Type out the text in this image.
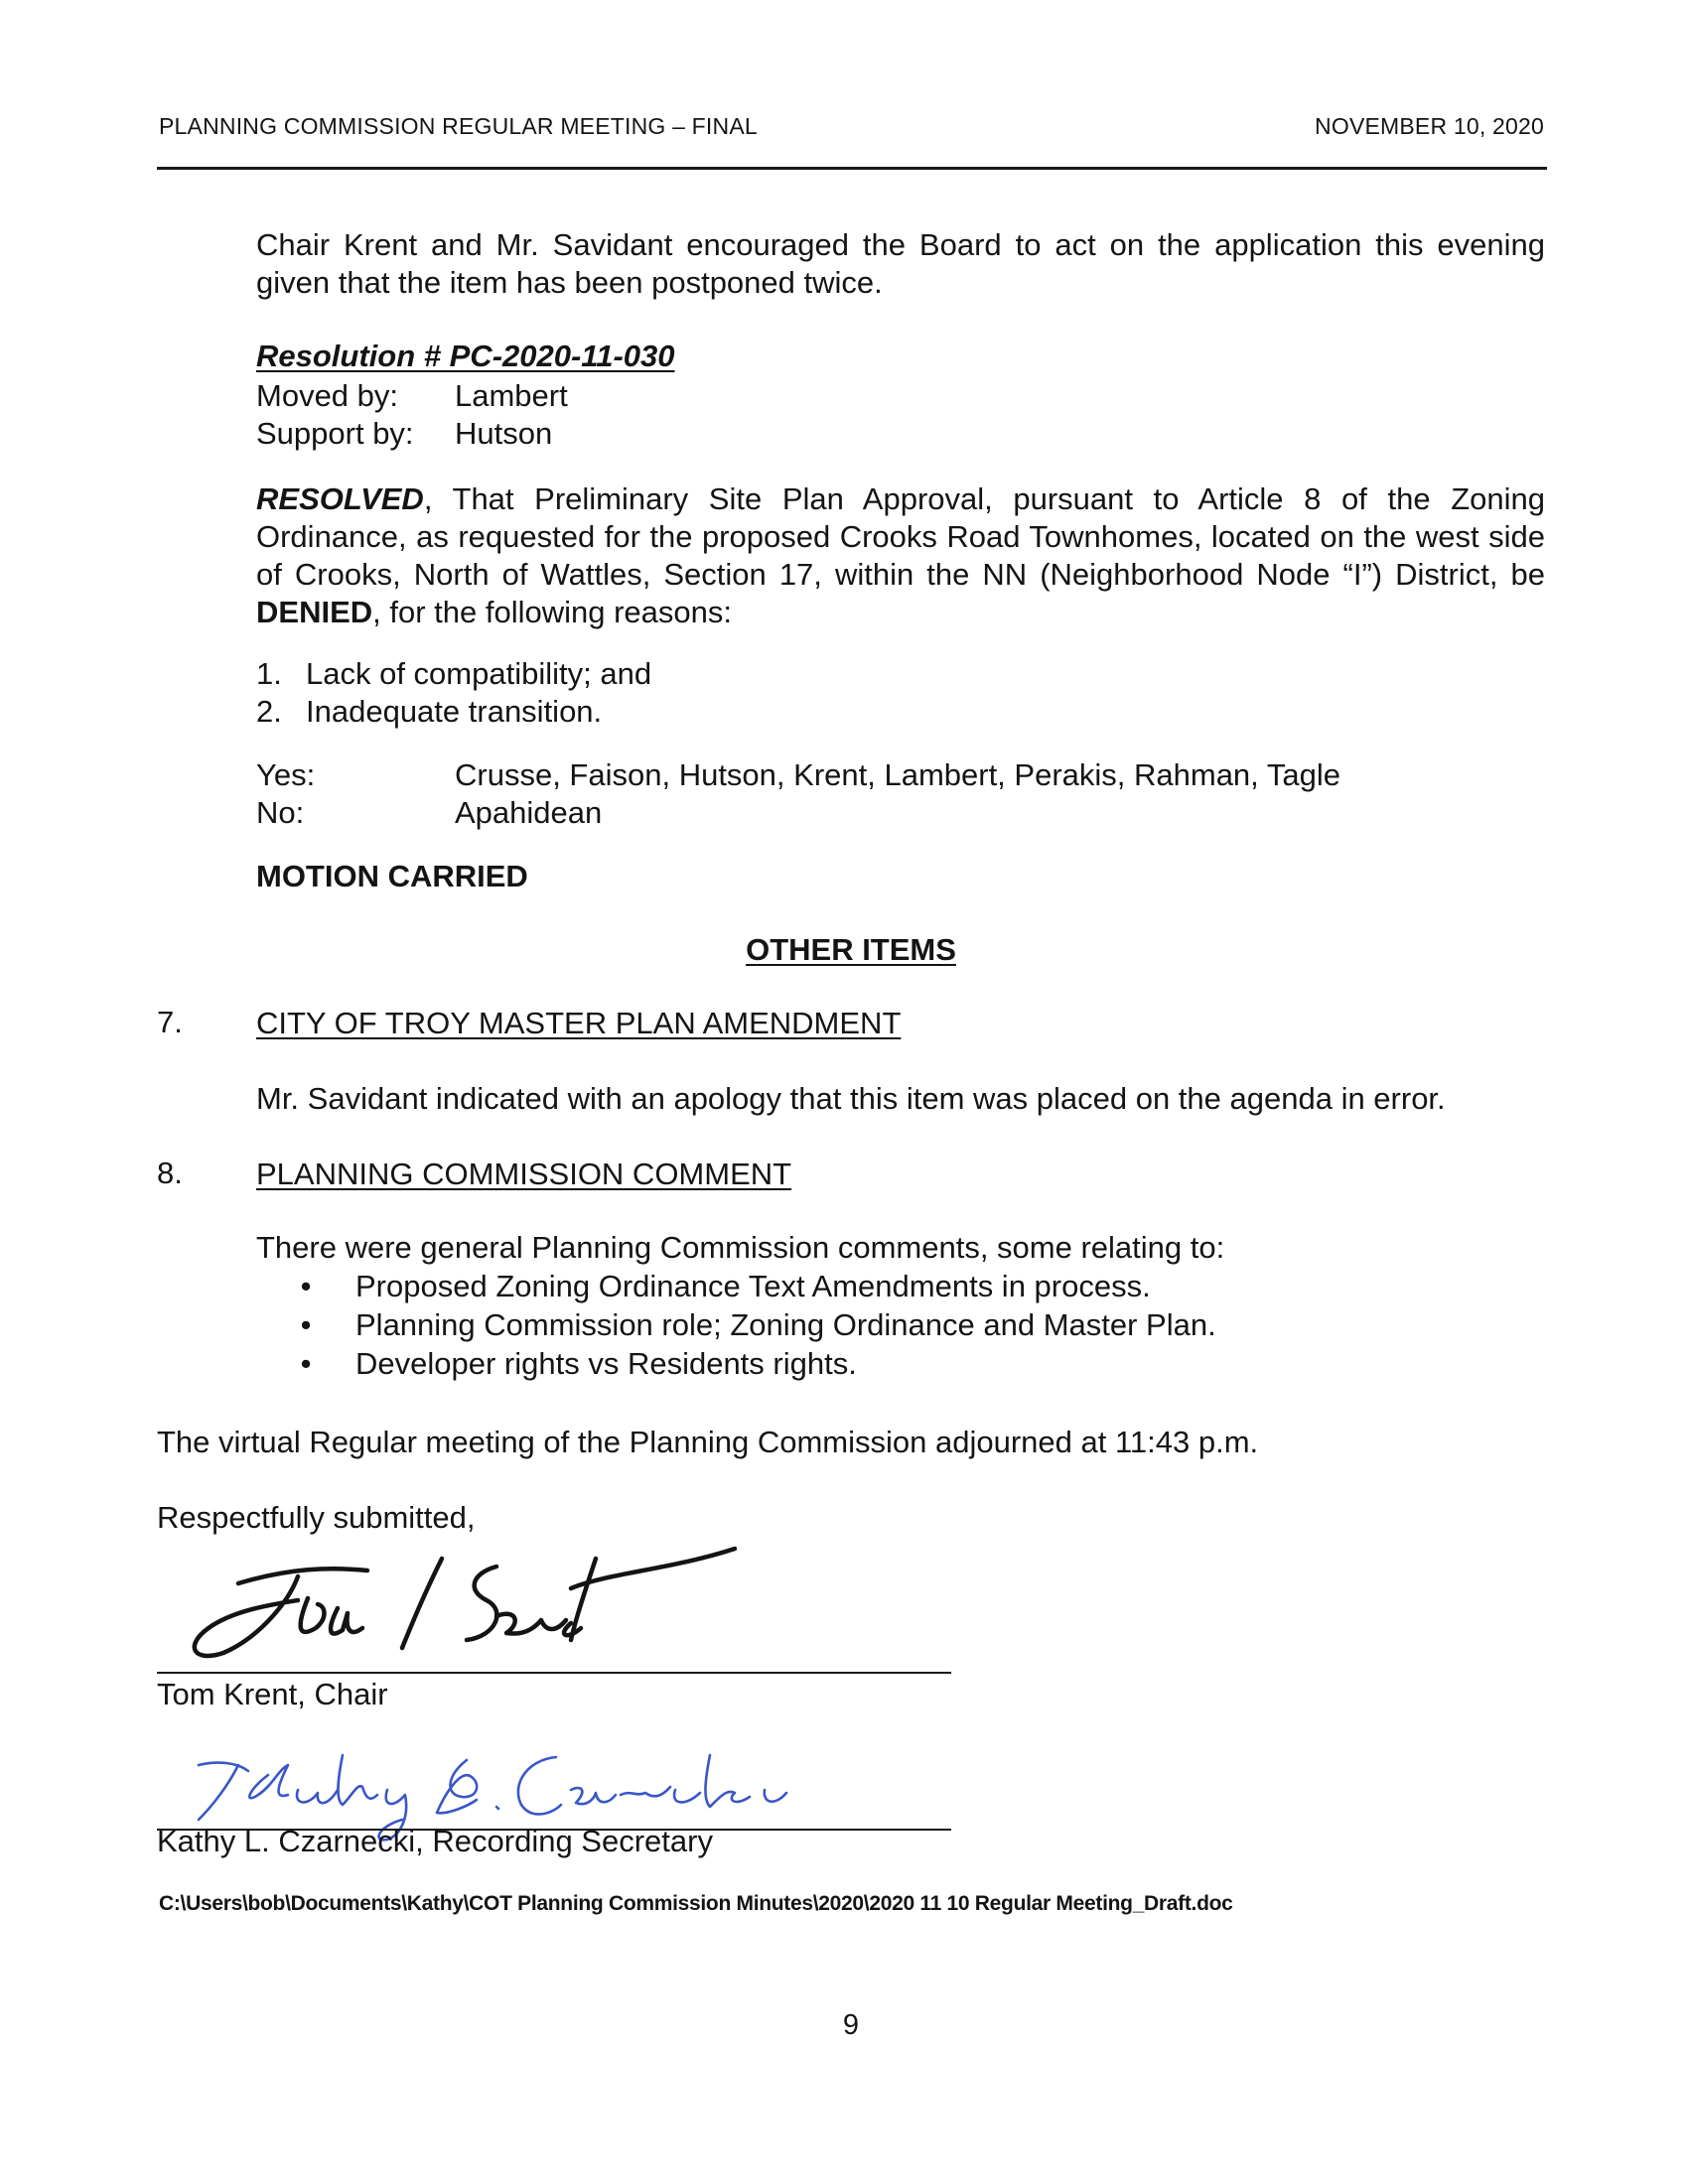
PLANNING COMMISSION REGULAR MEETING – FINAL	NOVEMBER 10, 2020

Chair Krent and Mr. Savidant encouraged the Board to act on the application this evening given that the item has been postponed twice.

Resolution # PC-2020-11-030
Moved by: Lambert
Support by: Hutson

RESOLVED, That Preliminary Site Plan Approval, pursuant to Article 8 of the Zoning Ordinance, as requested for the proposed Crooks Road Townhomes, located on the west side of Crooks, North of Wattles, Section 17, within the NN (Neighborhood Node “I”) District, be DENIED, for the following reasons:

1. Lack of compatibility; and
2. Inadequate transition.
Yes:	Crusse, Faison, Hutson, Krent, Lambert, Perakis, Rahman, Tagle
No:	Apahidean
MOTION CARRIED
OTHER ITEMS
7. CITY OF TROY MASTER PLAN AMENDMENT
Mr. Savidant indicated with an apology that this item was placed on the agenda in error.
8. PLANNING COMMISSION COMMENT
There were general Planning Commission comments, some relating to:
•	Proposed Zoning Ordinance Text Amendments in process.
•	Planning Commission role; Zoning Ordinance and Master Plan.
•	Developer rights vs Residents rights.
The virtual Regular meeting of the Planning Commission adjourned at 11:43 p.m.
Respectfully submitted,
Tom Krent, Chair
Kathy L. Czarnecki, Recording Secretary
C:\Users\bob\Documents\Kathy\COT Planning Commission Minutes\2020\2020 11 10 Regular Meeting_Draft.doc
9
